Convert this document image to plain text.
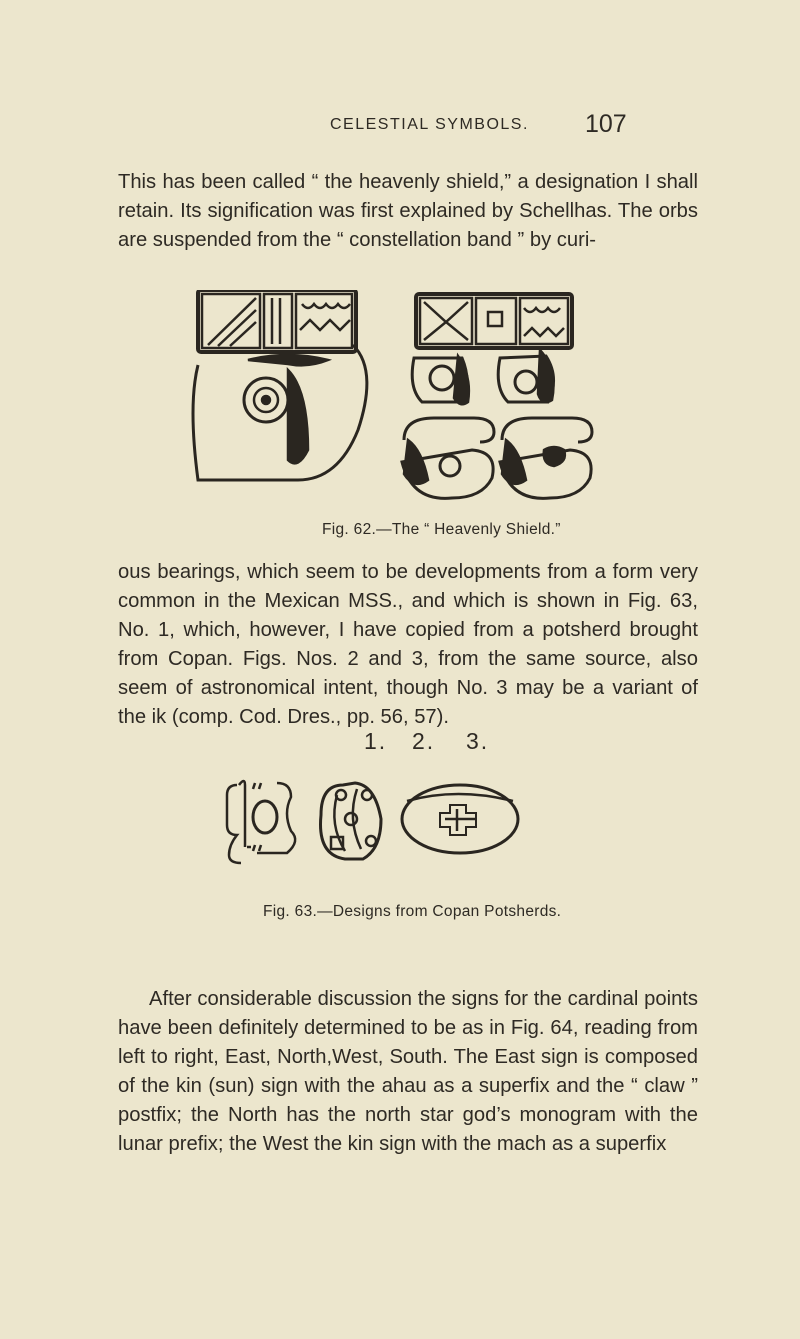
CELESTIAL SYMBOLS. 107

This has been called “ the heavenly shield,” a designation I shall retain. Its signification was first explained by Schellhas. The orbs are suspended from the “ constellation band ” by curi-

Fig. 62.—The “ Heavenly Shield.”

ous bearings, which seem to be developments from a form very common in the Mexican MSS., and which is shown in Fig. 63, No. 1, which, however, I have copied from a potsherd brought from Copan. Figs. Nos. 2 and 3, from the same source, also seem of astronomical intent, though No. 3 may be a variant of the ik (comp. Cod. Dres., pp. 56, 57).

1. 2. 3.
Fig. 63.—Designs from Copan Potsherds.

After considerable discussion the signs for the cardinal points have been definitely determined to be as in Fig. 64, reading from left to right, East, North,West, South. The East sign is composed of the kin (sun) sign with the ahau as a superfix and the “ claw ” postfix; the North has the north star god’s monogram with the lunar prefix; the West the kin sign with the mach as a superfix
